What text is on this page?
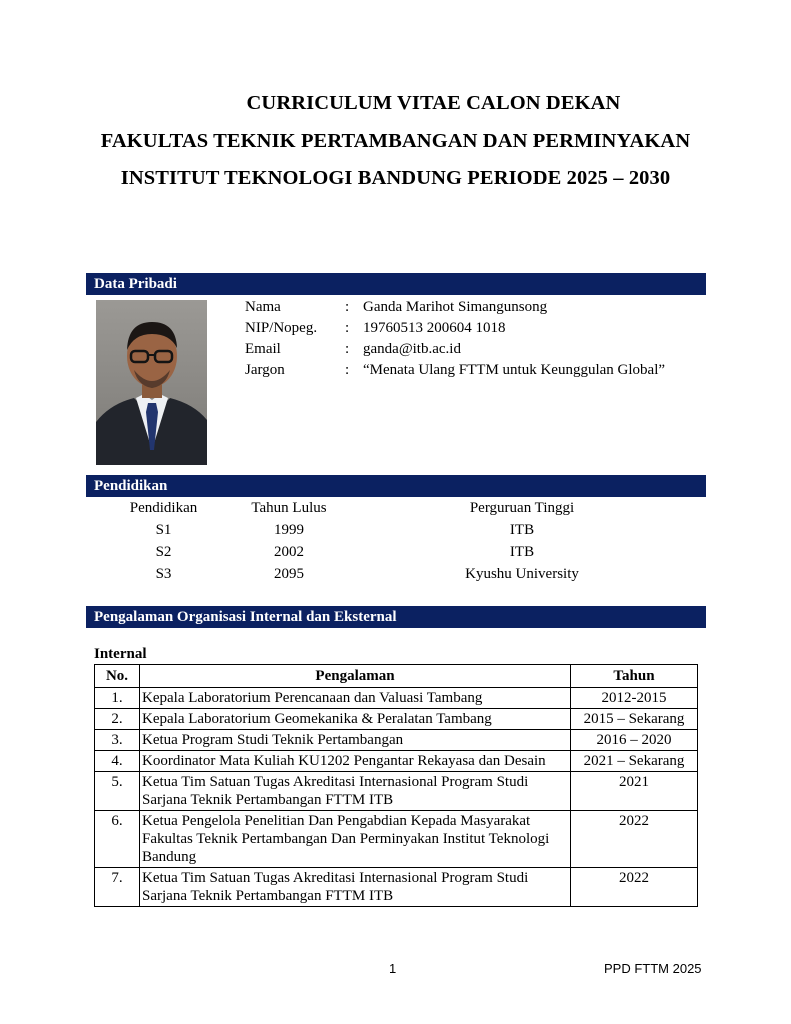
CURRICULUM VITAE CALON DEKAN
FAKULTAS TEKNIK PERTAMBANGAN DAN PERMINYAKAN
INSTITUT TEKNOLOGI BANDUNG PERIODE 2025 – 2030
Data Pribadi
Nama	: Ganda Marihot Simangunsong
NIP/Nopeg. : 19760513 200604 1018
Email	: ganda@itb.ac.id
Jargon	: “Menata Ulang FTTM untuk Keunggulan Global”
Pendidikan
Pendidikan	Tahun Lulus	Perguruan Tinggi
S1	1999	ITB
S2	2002	ITB
S3	2095	Kyushu University
Pengalaman Organisasi Internal dan Eksternal
Internal
No.	Pengalaman	Tahun
1.	Kepala Laboratorium Perencanaan dan Valuasi Tambang	2012-2015
2.	Kepala Laboratorium Geomekanika & Peralatan Tambang	2015 – Sekarang
3.	Ketua Program Studi Teknik Pertambangan	2016 – 2020
4.	Koordinator Mata Kuliah KU1202 Pengantar Rekayasa dan Desain	2021 – Sekarang
5.	Ketua Tim Satuan Tugas Akreditasi Internasional Program Studi Sarjana Teknik Pertambangan FTTM ITB	2021
6.	Ketua Pengelola Penelitian Dan Pengabdian Kepada Masyarakat Fakultas Teknik Pertambangan Dan Perminyakan Institut Teknologi Bandung	2022
7.	Ketua Tim Satuan Tugas Akreditasi Internasional Program Studi Sarjana Teknik Pertambangan FTTM ITB	2022
1	PPD FTTM 2025
